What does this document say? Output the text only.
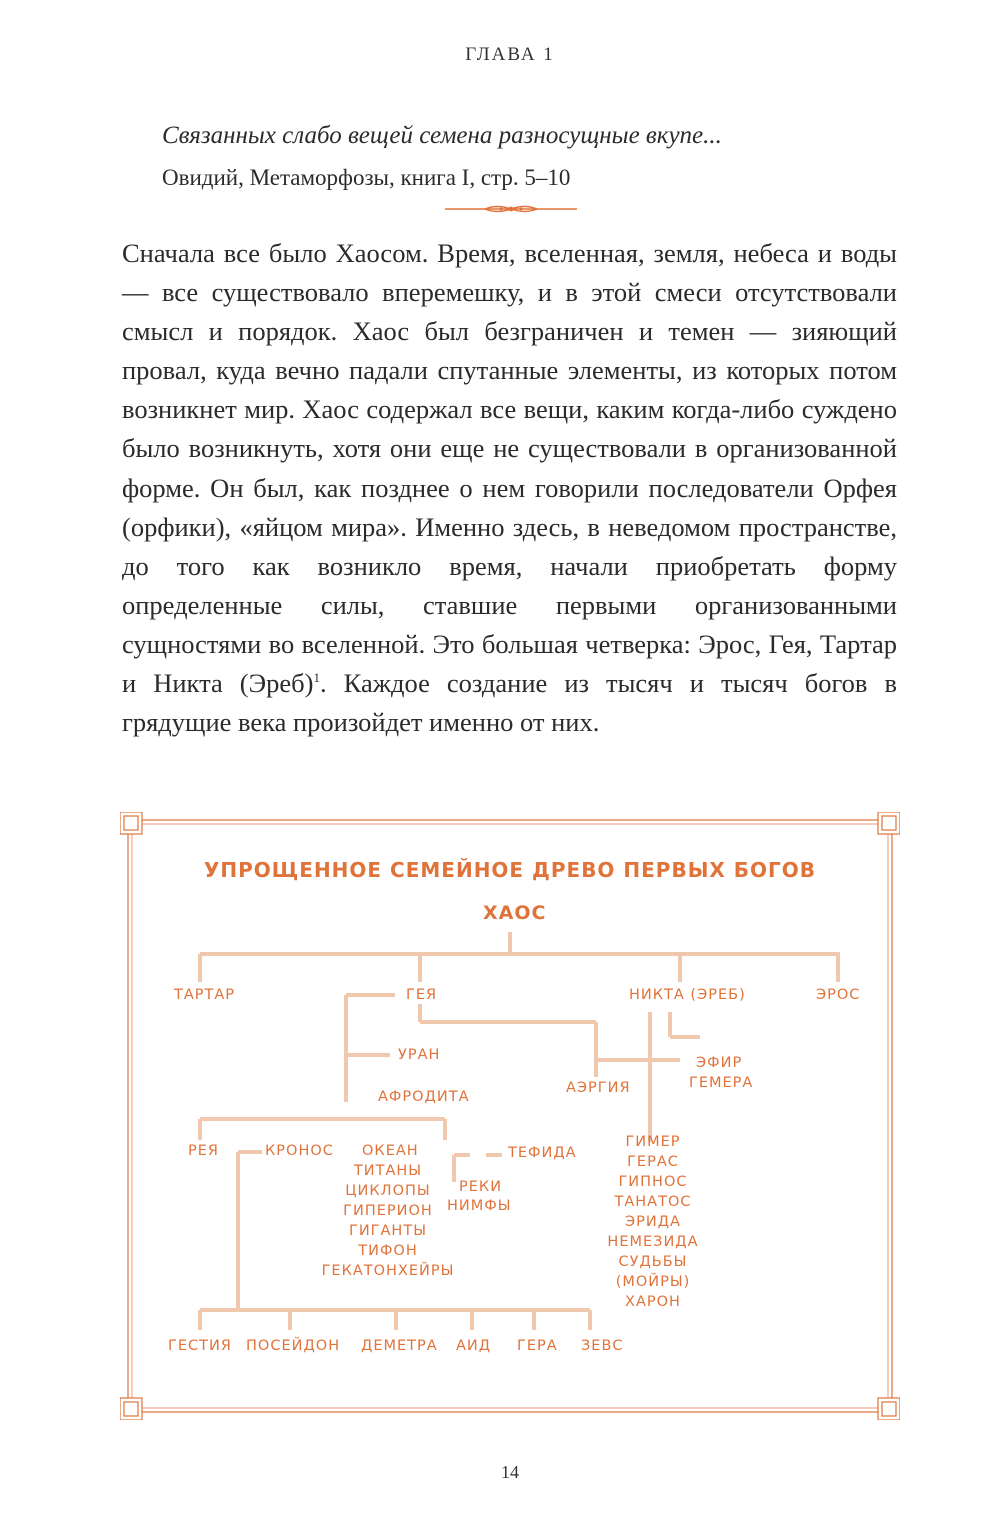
ГЛАВА 1
Связанных слабо вещей семена разносущные вкупе...
Овидий, Метаморфозы, книга I, стр. 5–10
Сначала все было Хаосом. Время, вселенная, земля, небеса и воды — все существовало вперемешку, и в этой смеси отсутствовали смысл и порядок. Хаос был безграничен и темен — зияющий провал, куда вечно падали спутанные элементы, из которых потом возникнет мир. Хаос содержал все вещи, каким когда-либо суждено было возникнуть, хотя они еще не существовали в организованной форме. Он был, как позднее о нем говорили последователи Орфея (орфики), «яйцом мира». Именно здесь, в неведомом пространстве, до того как возникло время, начали приобретать форму определенные силы, ставшие первыми организованными сущностями во вселенной. Это большая четверка: Эрос, Гея, Тартар и Никта (Эреб)$^1$. Каждое создание из тысяч и тысяч богов в грядущие века произойдет именно от них.
УПРОЩЕННОЕ СЕМЕЙНОЕ ДРЕВО ПЕРВЫХ БОГОВ
ХАОС
ТАРТАР	ГЕЯ	НИКТА (ЭРЕБ)	ЭРОС
УРАН
АФРОДИТА
АЭРГИЯ
ЭФИР
ГЕМЕРА
РЕЯ	КРОНОС ОКЕАН	ТЕФИДА
РЕКИ
НИМФЫ
ТИТАНЫ
ЦИКЛОПЫ
ГИПЕРИОН
ГИГАНТЫ
ТИФОН
ГЕКАТОНХЕЙРЫ
ГИМЕР
ГЕРАС
ГИПНОС
ТАНАТОС
ЭРИДА
НЕМЕЗИДА
СУДЬБЫ
(МОЙРЫ)
ХАРОН
ГЕСТИЯ ПОСЕЙДОН ДЕМЕТРА АИД ГЕРА ЗЕВС
14
